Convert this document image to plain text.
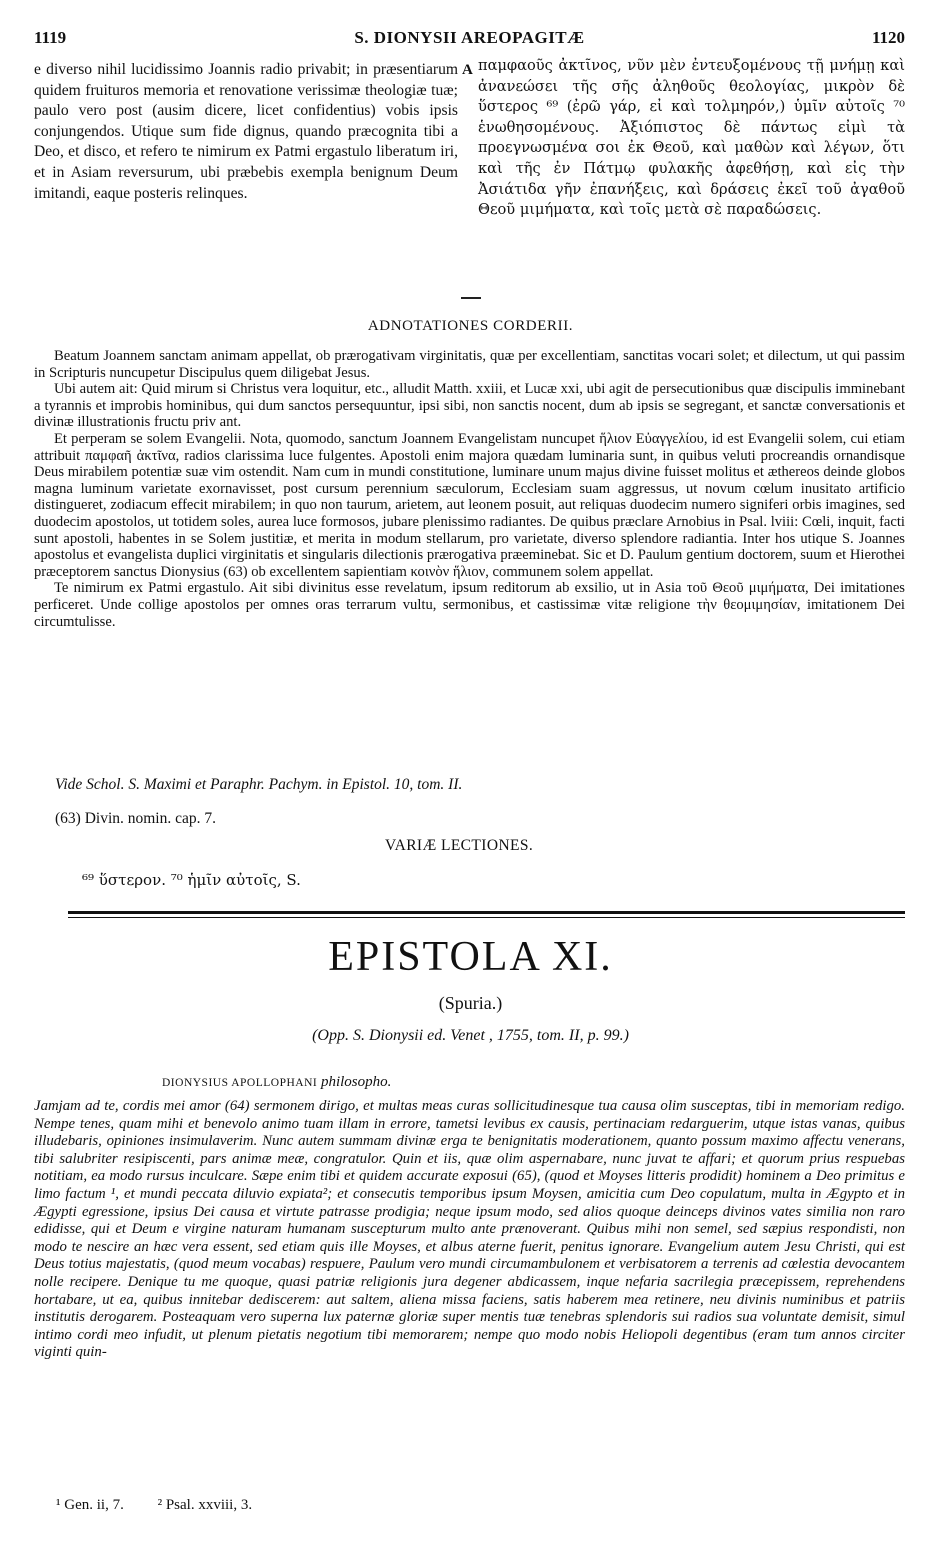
1119	S. DIONYSII AREOPAGITÆ	1120

e diverso nihil lucidissimo Joannis radio privabit; in præsentiarum quidem fruituros memoria et renovatione verissimæ theologiæ tuæ; paulo vero post (ausim dicere, licet confidentius) vobis ipsis conjungendos. Utique sum fide dignus, quando præcognita tibi a Deo, et disco, et refero te nimirum ex Patmi ergastulo liberatum iri, et in Asiam reversurum, ubi præbebis exempla benignum Deum imitandi, eaque posteris relinques.

A παμφαοῦς ἀκτῖνος, νῦν μὲν ἐντευξομένους τῇ μνήμῃ καὶ ἀνανεώσει τῆς σῆς ἀληθοῦς θεολογίας, μικρὸν δὲ ὕστερος ⁶⁹ (ἐρῶ γάρ, εἰ καὶ τολμηρόν,) ὑμῖν αὐτοῖς ⁷⁰ ἑνωθησομένους. Ἀξιόπιστος δὲ πάντως εἰμὶ τὰ προεγνωσμένα σοι ἐκ Θεοῦ, καὶ μαθὼν καὶ λέγων, ὅτι καὶ τῆς ἐν Πάτμῳ φυλακῆς ἀφεθήσῃ, καὶ εἰς τὴν Ἀσιάτιδα γῆν ἐπανήξεις, καὶ δράσεις ἐκεῖ τοῦ ἀγαθοῦ Θεοῦ μιμήματα, καὶ τοῖς μετὰ σὲ παραδώσεις.

ADNOTATIONES CORDERII.

Beatum Joannem sanctam animam appellat, ob prærogativam virginitatis, quæ per excellentiam, sanctitas vocari solet; et dilectum, ut qui passim in Scripturis nuncupetur Discipulus quem diligebat Jesus.

Ubi autem ait: Quid mirum si Christus vera loquitur, etc., alludit Matth. xxiii, et Lucæ xxi, ubi agit de persecutionibus quæ discipulis imminebant a tyrannis et improbis hominibus, qui dum sanctos persequuntur, ipsi sibi, non sanctis nocent, dum ab ipsis se segregant, et sanctæ conversationis et divinæ illustrationis fructu priv ant.

Et perperam se solem Evangelii. Nota, quomodo, sanctum Joannem Evangelistam nuncupet ἥλιον Εὐαγγελίου, id est Evangelii solem, cui etiam attribuit παμφαῆ ἀκτῖνα, radios clarissima luce fulgentes. Apostoli enim majora quædam luminaria sunt, in quibus veluti procreandis ornandisque Deus mirabilem potentiæ suæ vim ostendit. Nam cum in mundi constitutione, luminare unum majus divine fuisset molitus et æthereos deinde globos magna luminum varietate exornavisset, post cursum perennium sæculorum, Ecclesiam suam aggressus, ut novum cœlum inusitato artificio distingueret, zodiacum effecit mirabilem; in quo non taurum, arietem, aut leonem posuit, aut reliquas duodecim numero signiferi orbis imagines, sed duodecim apostolos, ut totidem soles, aurea luce formosos, jubare plenissimo radiantes. De quibus præclare Arnobius in Psal. lviii: Cœli, inquit, facti sunt apostoli, habentes in se Solem justitiæ, et merita in modum stellarum, pro varietate, diverso splendore radiantia. Inter hos utique S. Joannes apostolus et evangelista duplici virginitatis et singularis dilectionis prærogativa præeminebat. Sic et D. Paulum gentium doctorem, suum et Hierothei præceptorem sanctus Dionysius (63) ob excellentem sapientiam κοινὸν ἥλιον, communem solem appellat.

Te nimirum ex Patmi ergastulo. Ait sibi divinitus esse revelatum, ipsum reditorum ab exsilio, ut in Asia τοῦ Θεοῦ μιμήματα, Dei imitationes perficeret. Unde collige apostolos per omnes oras terrarum vultu, sermonibus, et castissimæ vitæ religione τὴν θεομιμησίαν, imitationem Dei circumtulisse.

Vide Schol. S. Maximi et Paraphr. Pachym. in Epistol. 10, tom. II.
(63) Divin. nomin. cap. 7.
VARIÆ LECTIONES.
⁶⁹ ὕστερον. ⁷⁰ ἡμῖν αὐτοῖς, S.
EPISTOLA XI.
(Spuria.)
(Opp. S. Dionysii ed. Venet , 1755, tom. II, p. 99.)
DIONYSIUS APOLLOPHANI philosopho.

Jamjam ad te, cordis mei amor (64) sermonem dirigo, et multas meas curas sollicitudinesque tua causa olim susceptas, tibi in memoriam redigo. Nempe tenes, quam mihi et benevolo animo tuam illam in errore, tametsi levibus ex causis, pertinaciam redarguerim, utque istas vanas, quibus illudebaris, opiniones insimulaverim. Nunc autem summam divinæ erga te benignitatis moderationem, quanto possum maximo affectu venerans, tibi salubriter resipiscenti, pars animæ meæ, congratulor. Quin et iis, quæ olim aspernabare, nunc juvat te affari; et quorum prius respuebas notitiam, ea modo rursus inculcare. Sæpe enim tibi et quidem accurate exposui (65), (quod et Moyses litteris prodidit) hominem a Deo primitus e limo factum ¹, et mundi peccata diluvio expiata²; et consecutis temporibus ipsum Moysen, amicitia cum Deo copulatum, multa in Ægypto et in Ægypti egressione, ipsius Dei causa et virtute patrasse prodigia; neque ipsum modo, sed alios quoque deinceps divinos vates similia non raro edidisse, qui et Deum e virgine naturam humanam suscepturum multo ante prænoverant. Quibus mihi non semel, sed sæpius respondisti, non modo te nescire an hæc vera essent, sed etiam quis ille Moyses, et albus aterne fuerit, penitus ignorare. Evangelium autem Jesu Christi, qui est Deus totius majestatis, (quod meum vocabas) respuere, Paulum vero mundi circumambulonem et verbisatorem a terrenis ad cœlestia devocantem nolle recipere. Denique tu me quoque, quasi patriæ religionis jura degener abdicassem, inque nefaria sacrilegia præcepissem, reprehendens hortabare, ut ea, quibus innitebar dediscerem: aut saltem, aliena missa faciens, satis haberem mea retinere, neu divinis numinibus et patriis institutis derogarem. Posteaquam vero superna lux paternæ gloriæ super mentis tuæ tenebras splendoris sui radios sua voluntate demisit, simul intimo cordi meo infudit, ut plenum pietatis negotium tibi memorarem; nempe quo modo nobis Heliopoli degentibus (eram tum annos circiter viginti quin-

¹ Gen. ii, 7. ² Psal. xxviii, 3.
